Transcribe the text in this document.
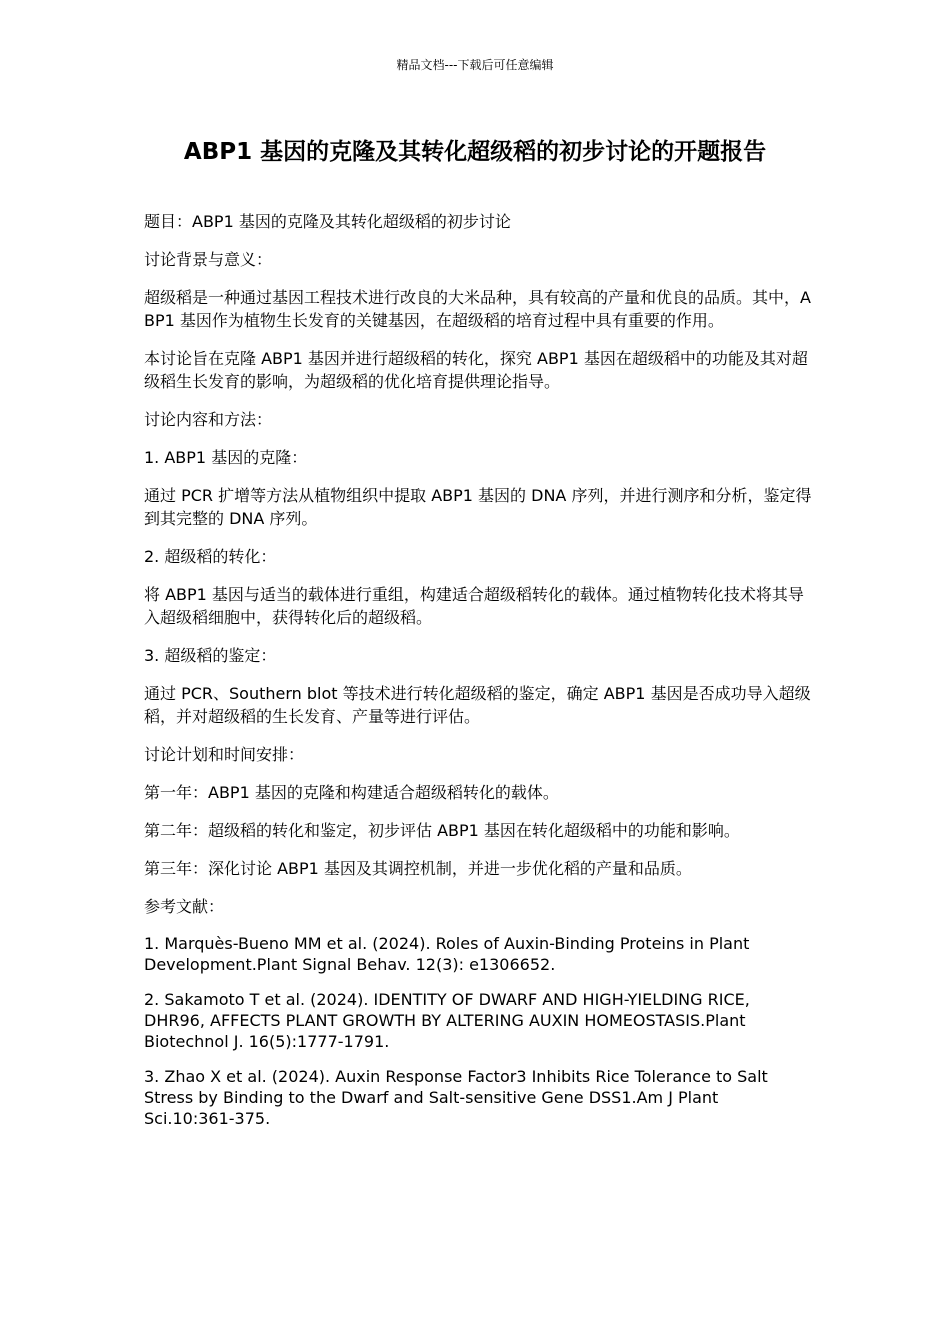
精品文档---下载后可任意编辑
ABP1 基因的克隆及其转化超级稻的初步讨论的开题报告

题目：ABP1 基因的克隆及其转化超级稻的初步讨论

讨论背景与意义：

超级稻是一种通过基因工程技术进行改良的大米品种，具有较高的产量和优良的品质。其中，ABP1 基因作为植物生长发育的关键基因，在超级稻的培育过程中具有重要的作用。

本讨论旨在克隆 ABP1 基因并进行超级稻的转化，探究 ABP1 基因在超级稻中的功能及其对超级稻生长发育的影响，为超级稻的优化培育提供理论指导。

讨论内容和方法：

1. ABP1 基因的克隆：

通过 PCR 扩增等方法从植物组织中提取 ABP1 基因的 DNA 序列，并进行测序和分析，鉴定得到其完整的 DNA 序列。

2. 超级稻的转化：

将 ABP1 基因与适当的载体进行重组，构建适合超级稻转化的载体。通过植物转化技术将其导入超级稻细胞中，获得转化后的超级稻。

3. 超级稻的鉴定：

通过 PCR、Southern blot 等技术进行转化超级稻的鉴定，确定 ABP1 基因是否成功导入超级稻，并对超级稻的生长发育、产量等进行评估。

讨论计划和时间安排：

第一年：ABP1 基因的克隆和构建适合超级稻转化的载体。

第二年：超级稻的转化和鉴定，初步评估 ABP1 基因在转化超级稻中的功能和影响。

第三年：深化讨论 ABP1 基因及其调控机制，并进一步优化稻的产量和品质。

参考文献：

1. Marquès-Bueno MM et al. (2024). Roles of Auxin-Binding Proteins in Plant Development.Plant Signal Behav. 12(3): e1306652.

2. Sakamoto T et al. (2024). IDENTITY OF DWARF AND HIGH-YIELDING RICE, DHR96, AFFECTS PLANT GROWTH BY ALTERING AUXIN HOMEOSTASIS.Plant Biotechnol J. 16(5):1777-1791.

3. Zhao X et al. (2024). Auxin Response Factor3 Inhibits Rice Tolerance to Salt Stress by Binding to the Dwarf and Salt-sensitive Gene DSS1.Am J Plant Sci.10:361-375.
